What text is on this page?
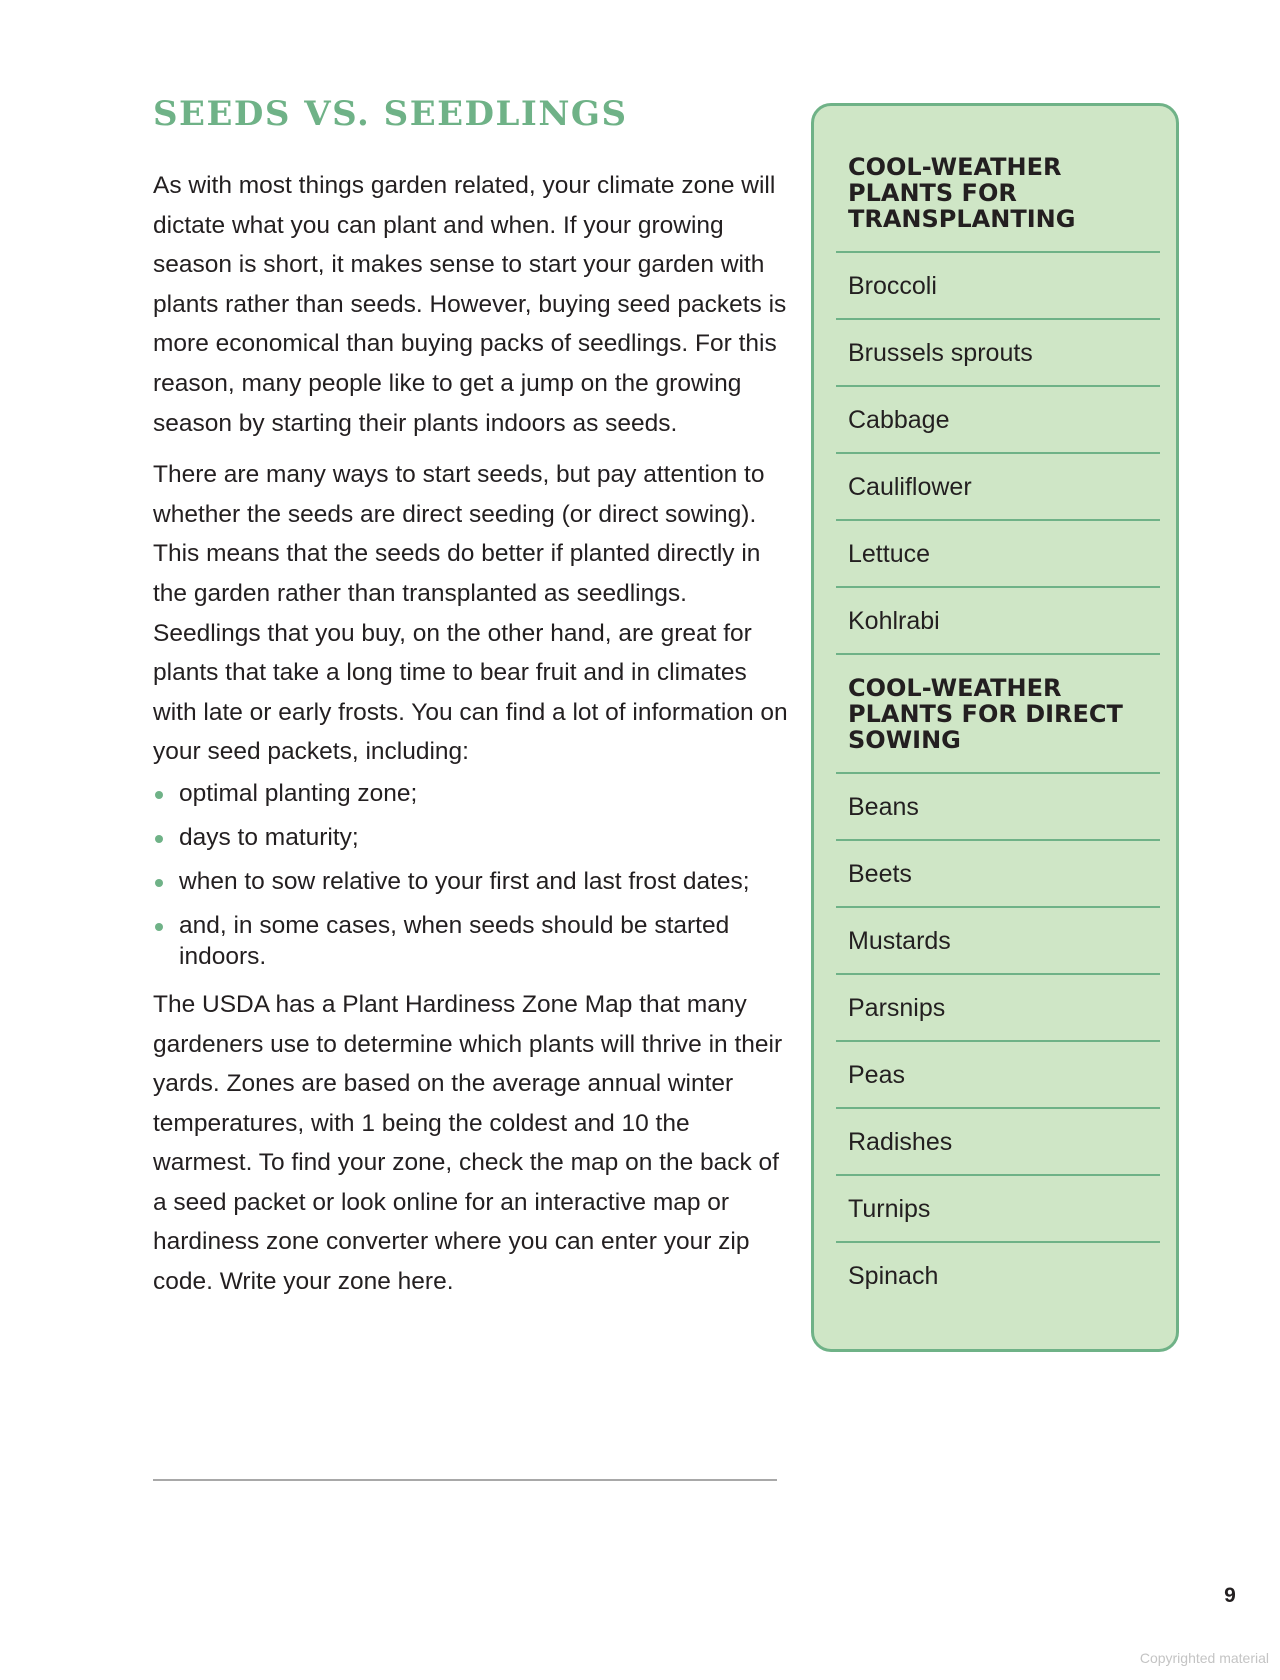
SEEDS VS. SEEDLINGS

As with most things garden related, your climate zone will dictate what you can plant and when. If your growing season is short, it makes sense to start your garden with plants rather than seeds. However, buying seed packets is more economical than buying packs of seedlings. For this reason, many people like to get a jump on the growing season by starting their plants indoors as seeds.

There are many ways to start seeds, but pay attention to whether the seeds are direct seeding (or direct sowing). This means that the seeds do better if planted directly in the garden rather than transplanted as seedlings. Seedlings that you buy, on the other hand, are great for plants that take a long time to bear fruit and in climates with late or early frosts. You can find a lot of information on your seed packets, including:

optimal planting zone;
days to maturity;
when to sow relative to your first and last frost dates;
and, in some cases, when seeds should be started indoors.

The USDA has a Plant Hardiness Zone Map that many gardeners use to determine which plants will thrive in their yards. Zones are based on the average annual winter temperatures, with 1 being the coldest and 10 the warmest. To find your zone, check the map on the back of a seed packet or look online for an interactive map or hardiness zone converter where you can enter your zip code. Write your zone here.

COOL-WEATHER PLANTS FOR TRANSPLANTING
Broccoli
Brussels sprouts
Cabbage
Cauliflower
Lettuce
Kohlrabi
COOL-WEATHER PLANTS FOR DIRECT SOWING
Beans
Beets
Mustards
Parsnips
Peas
Radishes
Turnips
Spinach
9
Copyrighted material
